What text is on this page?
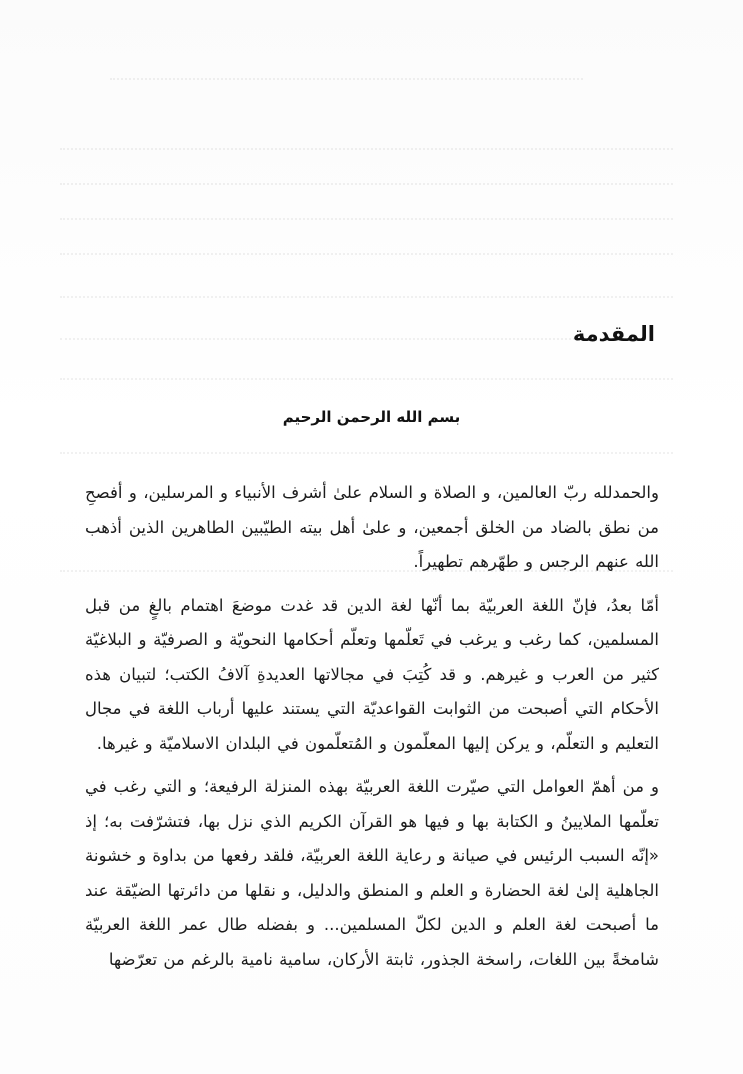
المقدمة
بسم الله الرحمن الرحيم

والحمدلله ربّ العالمين، و الصلاة و السلام علىٰ أشرف الأنبياء و المرسلين، و أفصحِ من نطق بالضاد من الخلق أجمعين، و علىٰ أهل بيته الطيّبين الطاهرين الذين أذهب الله عنهم الرجس و طهّرهم تطهيراً.

أمّا بعدُ، فإنّ اللغة العربيّة بما أنّها لغة الدين قد غدت موضعَ اهتمام بالغٍ من قبل المسلمين، كما رغب و يرغب في تَعلّمها وتعلّم أحكامها النحويّة و الصرفيّة و البلاغيّة كثير من العرب و غيرهم. و قد كُتِبَ في مجالاتها العديدةِ آلافُ الكتب؛ لتبيان هذه الأحكام التي أصبحت من الثوابت القواعديّة التي يستند عليها أرباب اللغة في مجال التعليم و التعلّم، و يركن إليها المعلّمون و المُتعلّمون في البلدان الاسلاميّة و غيرها.

و من أهمّ العوامل التي صيّرت اللغة العربيّة بهذه المنزلة الرفيعة؛ و التي رغب في تعلّمها الملايينُ و الكتابة بها و فيها هو القرآن الكريم الذي نزل بها، فتشرّفت به؛ إذ «إنّه السبب الرئيس في صيانة و رعاية اللغة العربيّة، فلقد رفعها من بداوة و خشونة الجاهلية إلىٰ لغة الحضارة و العلم و المنطق والدليل، و نقلها من دائرتها الضيّقة عند ما أصبحت لغة العلم و الدين لكلّ المسلمين... و بفضله طال عمر اللغة العربيّة شامخةً بين اللغات، راسخة الجذور، ثابتة الأركان، سامية نامية بالرغم من تعرّضها
